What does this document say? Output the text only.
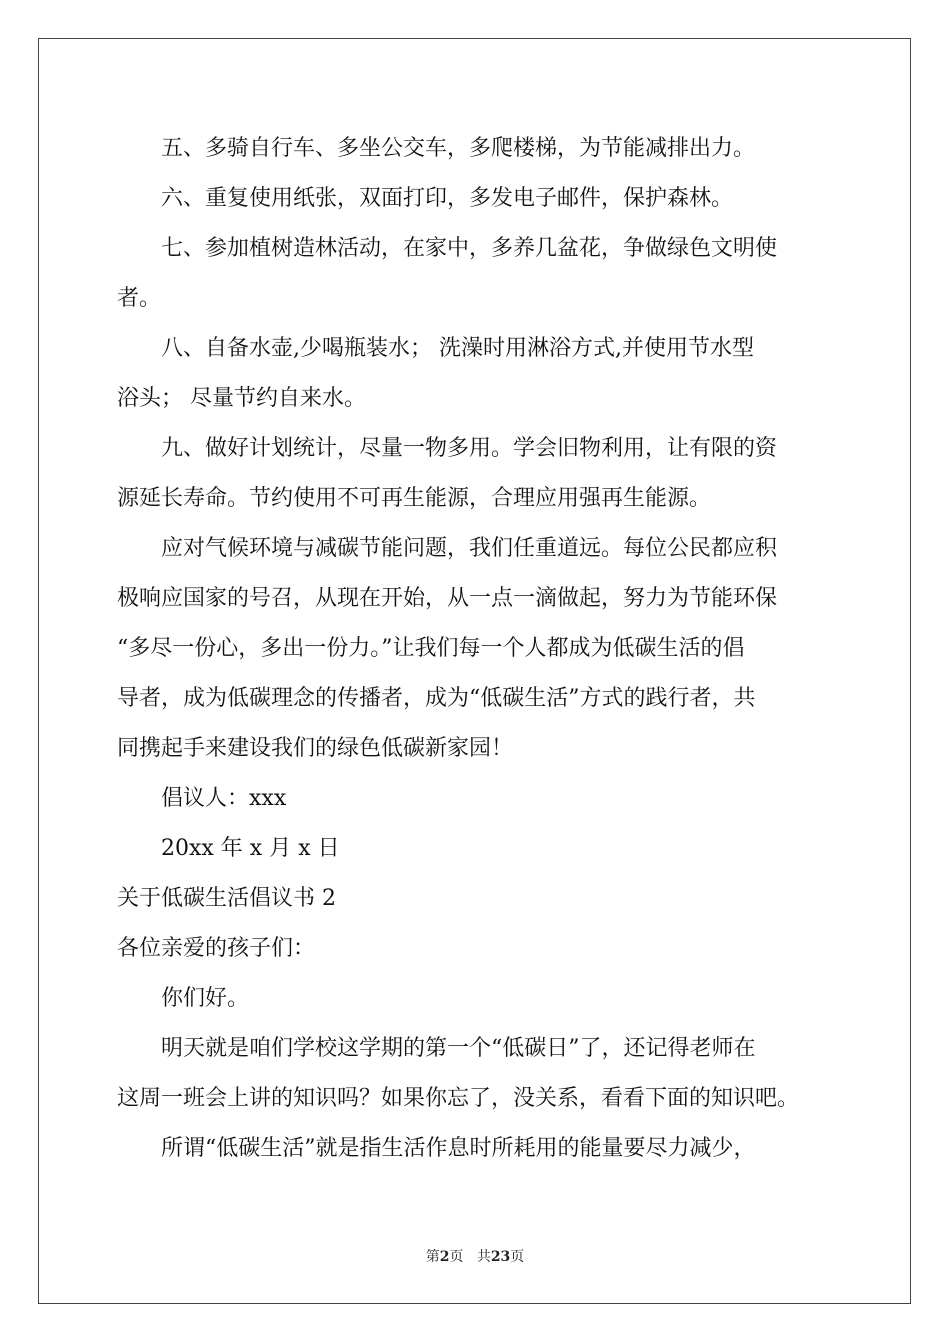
　　五、多骑自行车、多坐公交车，多爬楼梯，为节能减排出力。

　　六、重复使用纸张，双面打印，多发电子邮件，保护森林。

　　七、参加植树造林活动，在家中，多养几盆花，争做绿色文明使

者。

　　八、自备水壶,少喝瓶装水； 洗澡时用淋浴方式,并使用节水型

浴头； 尽量节约自来水。

　　九、做好计划统计，尽量一物多用。学会旧物利用，让有限的资

源延长寿命。节约使用不可再生能源，合理应用强再生能源。

　　应对气候环境与减碳节能问题，我们任重道远。每位公民都应积

极响应国家的号召，从现在开始，从一点一滴做起，努力为节能环保

“多尽一份心，多出一份力。”让我们每一个人都成为低碳生活的倡

导者，成为低碳理念的传播者，成为“低碳生活”方式的践行者，共

同携起手来建设我们的绿色低碳新家园！

　　倡议人：xxx

　　20xx 年 x 月 x 日

关于低碳生活倡议书 2

各位亲爱的孩子们：

　　你们好。

　　明天就是咱们学校这学期的第一个“低碳日”了，还记得老师在

这周一班会上讲的知识吗？如果你忘了，没关系，看看下面的知识吧。

　　所谓“低碳生活”就是指生活作息时所耗用的能量要尽力减少，

第2页 共23页
